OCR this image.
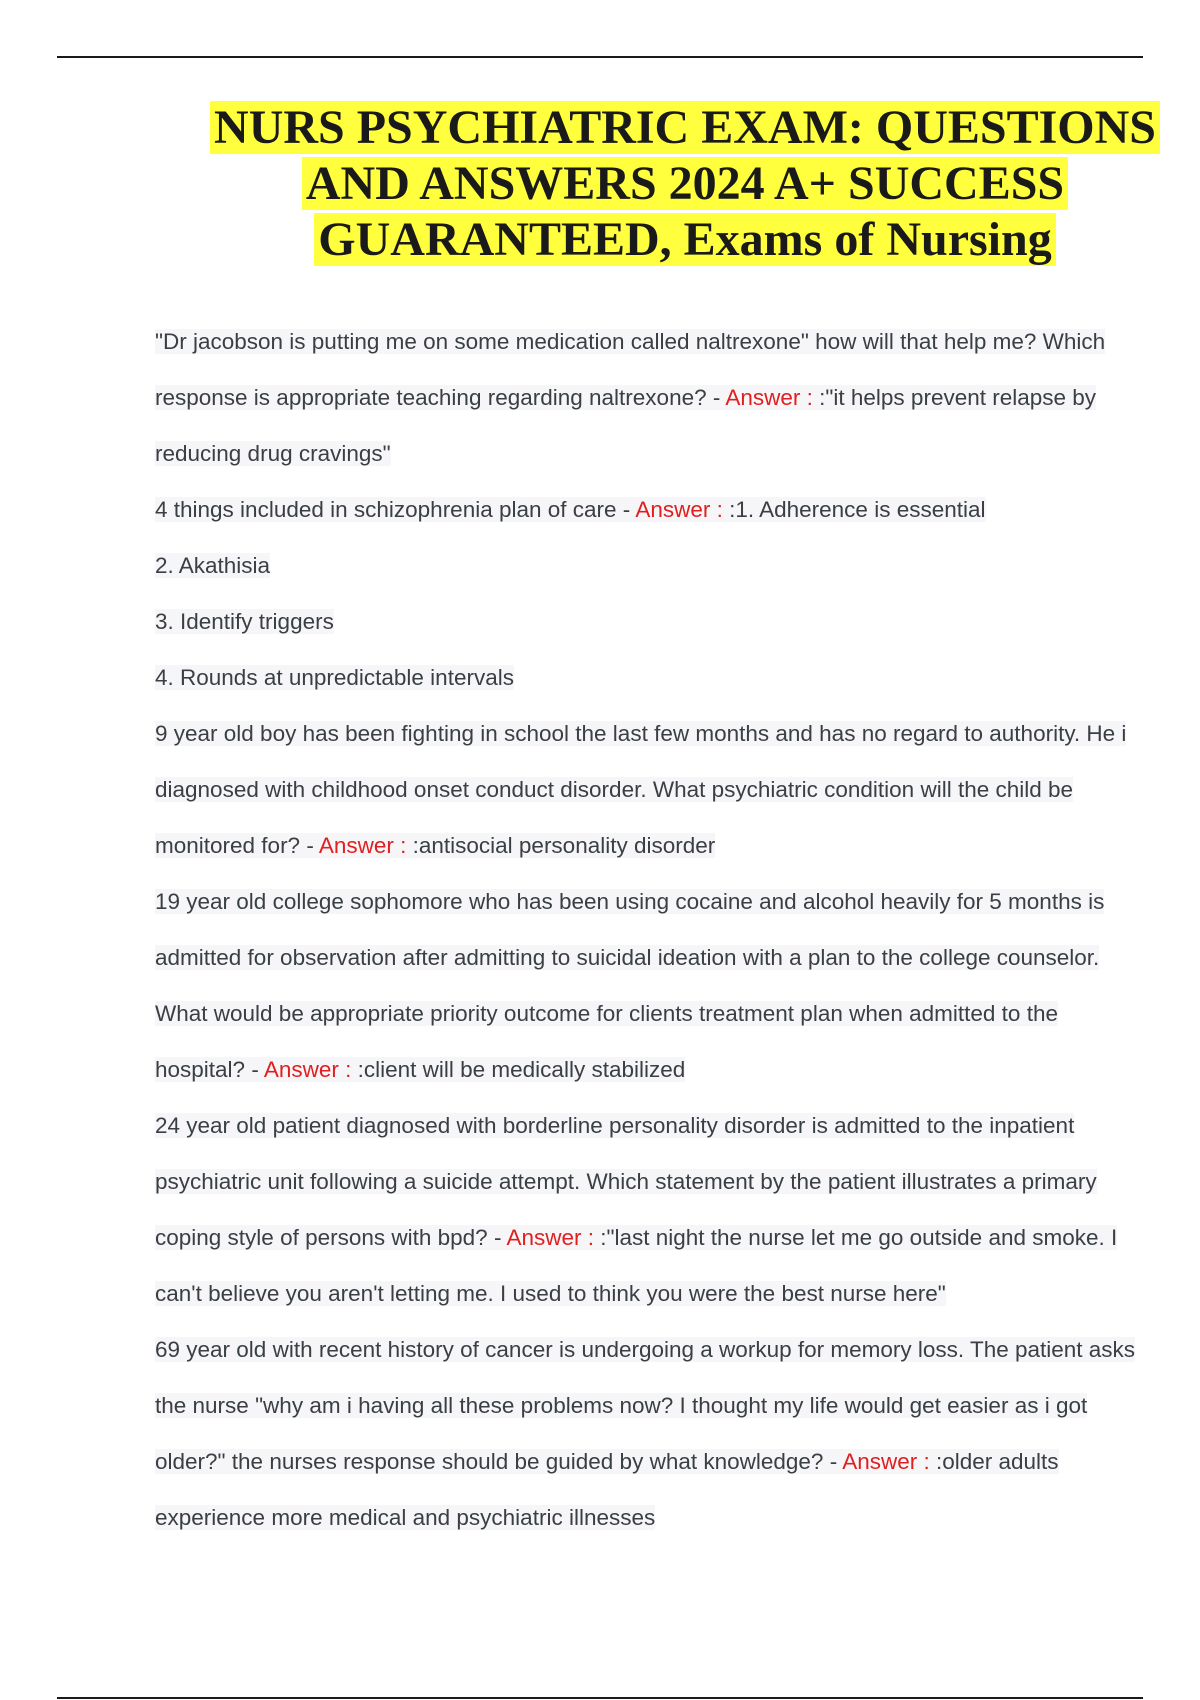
NURS PSYCHIATRIC EXAM: QUESTIONS
AND ANSWERS 2024 A+ SUCCESS
GUARANTEED, Exams of Nursing
"Dr jacobson is putting me on some medication called naltrexone" how will that help me? Which
response is appropriate teaching regarding naltrexone? - Answer : :"it helps prevent relapse by
reducing drug cravings"
4 things included in schizophrenia plan of care - Answer : :1. Adherence is essential
2. Akathisia
3. Identify triggers
4. Rounds at unpredictable intervals
9 year old boy has been fighting in school the last few months and has no regard to authority. He i
diagnosed with childhood onset conduct disorder. What psychiatric condition will the child be
monitored for? - Answer : :antisocial personality disorder
19 year old college sophomore who has been using cocaine and alcohol heavily for 5 months is
admitted for observation after admitting to suicidal ideation with a plan to the college counselor.
What would be appropriate priority outcome for clients treatment plan when admitted to the
hospital? - Answer : :client will be medically stabilized
24 year old patient diagnosed with borderline personality disorder is admitted to the inpatient
psychiatric unit following a suicide attempt. Which statement by the patient illustrates a primary
coping style of persons with bpd? - Answer : :"last night the nurse let me go outside and smoke. I
can't believe you aren't letting me. I used to think you were the best nurse here"
69 year old with recent history of cancer is undergoing a workup for memory loss. The patient asks
the nurse "why am i having all these problems now? I thought my life would get easier as i got
older?" the nurses response should be guided by what knowledge? - Answer : :older adults
experience more medical and psychiatric illnesses
